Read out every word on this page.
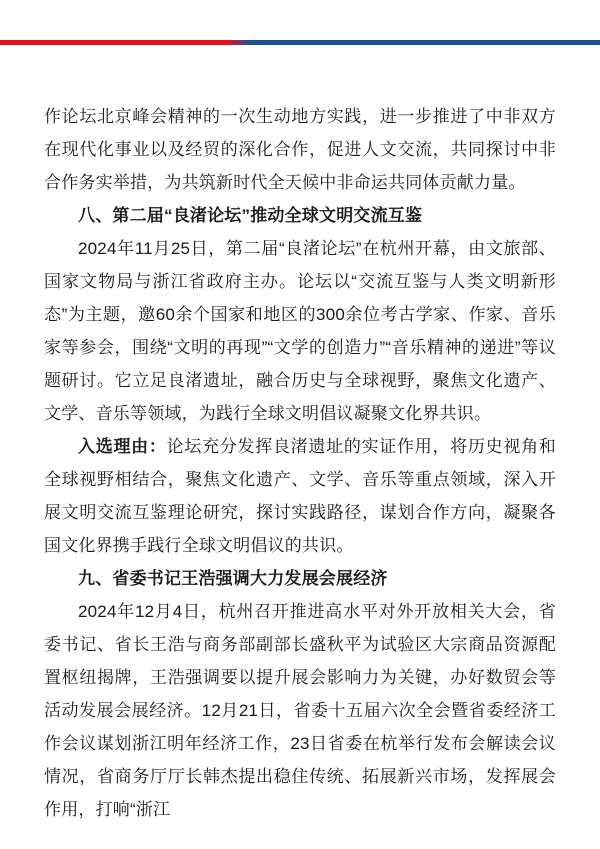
作论坛北京峰会精神的一次生动地方实践，进一步推进了中非双方在现代化事业以及经贸的深化合作，促进人文交流，共同探讨中非合作务实举措，为共筑新时代全天候中非命运共同体贡献力量。

八、第二届“良渚论坛”推动全球文明交流互鉴

2024年11月25日，第二届“良渚论坛”在杭州开幕，由文旅部、国家文物局与浙江省政府主办。论坛以“交流互鉴与人类文明新形态”为主题，邀60余个国家和地区的300余位考古学家、作家、音乐家等参会，围绕“文明的再现”“文学的创造力”“音乐精神的递进”等议题研讨。它立足良渚遗址，融合历史与全球视野，聚焦文化遗产、文学、音乐等领域，为践行全球文明倡议凝聚文化界共识。

入选理由：论坛充分发挥良渚遗址的实证作用，将历史视角和全球视野相结合，聚焦文化遗产、文学、音乐等重点领域，深入开展文明交流互鉴理论研究，探讨实践路径，谋划合作方向，凝聚各国文化界携手践行全球文明倡议的共识。

九、省委书记王浩强调大力发展会展经济

2024年12月4日，杭州召开推进高水平对外开放相关大会，省委书记、省长王浩与商务部副部长盛秋平为试验区大宗商品资源配置枢纽揭牌，王浩强调要以提升展会影响力为关键，办好数贸会等活动发展会展经济。12月21日，省委十五届六次全会暨省委经济工作会议谋划浙江明年经济工作，23日省委在杭举行发布会解读会议情况，省商务厅厅长韩杰提出稳住传统、拓展新兴市场，发挥展会作用，打响“浙江
